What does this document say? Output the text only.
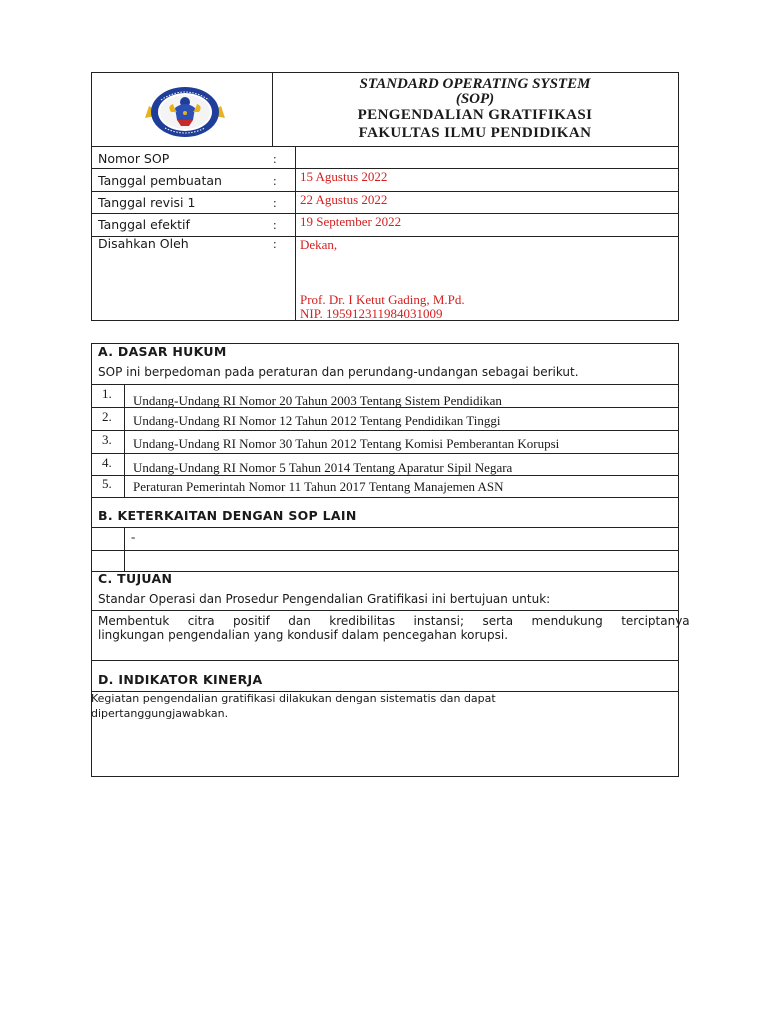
STANDARD OPERATING SYSTEM
(SOP)
PENGENDALIAN GRATIFIKASI
FAKULTAS ILMU PENDIDIKAN
Nomor SOP	:
Tanggal pembuatan	: 15 Agustus 2022
Tanggal revisi 1	: 22 Agustus 2022
Tanggal efektif	: 19 September 2022
Disahkan Oleh	: Dekan,
Prof. Dr. I Ketut Gading, M.Pd.
NIP. 195912311984031009
A. DASAR HUKUM
SOP ini berpedoman pada peraturan dan perundang-undangan sebagai berikut.
1. Undang-Undang RI Nomor 20 Tahun 2003 Tentang Sistem Pendidikan
2. Undang-Undang RI Nomor 12 Tahun 2012 Tentang Pendidikan Tinggi
3. Undang-Undang RI Nomor 30 Tahun 2012 Tentang Komisi Pemberantan Korupsi
4. Undang-Undang RI Nomor 5 Tahun 2014 Tentang Aparatur Sipil Negara
5. Peraturan Pemerintah Nomor 11 Tahun 2017 Tentang Manajemen ASN
B. KETERKAITAN DENGAN SOP LAIN
-
C. TUJUAN
Standar Operasi dan Prosedur Pengendalian Gratifikasi ini bertujuan untuk:
Membentuk citra positif dan kredibilitas instansi; serta mendukung terciptanya
lingkungan pengendalian yang kondusif dalam pencegahan korupsi.
D. INDIKATOR KINERJA
Kegiatan pengendalian gratifikasi dilakukan dengan sistematis dan dapat
dipertanggungjawabkan.
